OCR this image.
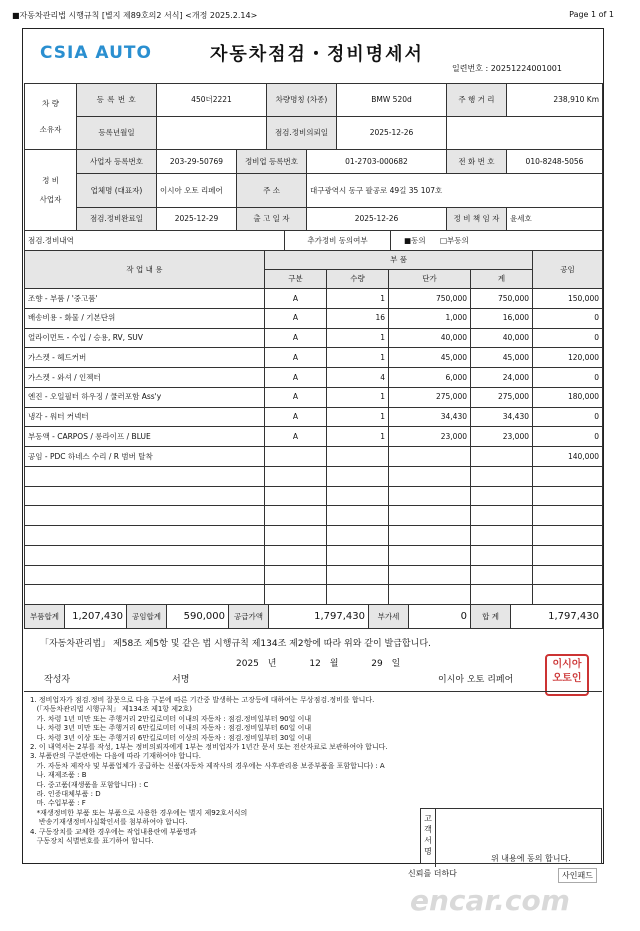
■자동차관리법 시행규칙 [별지 제89호의2 서식] <개정 2025.2.14>	Page 1 of 1
CSIA AUTO	자동차점검・정비명세서
일련번호 : 20251224001001
차 량
소유자	등 록 번 호	450더2221	차량명칭 (차종)	BMW 520d	주 행 거 리	238,910 Km
	등록년월일		점검.정비의뢰일	2025-12-26		
정 비
사업자	사업자 등록번호	203-29-50769	정비업 등록번호	01-2703-000682	전 화 번 호	010-8248-5056
	업체명 (대표자)	이시아 오토 리페어	주 소	대구광역시 동구 팔공로 49길 35 107호		
	점검.정비완료일	2025-12-29	출 고 일 자	2025-12-26	정 비 책 임 자	윤세호
점검.정비내역	추가정비 동의여부	■동의 □부동의
작 업 내 용	부 품				공임
	구분	수량	단가	계	
조향 - 부품 / '중고품'	A	1	750,000	750,000	150,000
배송비용 - 화물 / 기본단위	A	16	1,000	16,000	0
얼라이먼트 - 수입 / 승용, RV, SUV	A	1	40,000	40,000	0
가스켓 - 헤드커버	A	1	45,000	45,000	120,000
가스켓 - 와셔 / 인젝터	A	4	6,000	24,000	0
엔진 - 오일필터 하우징 / 쿨러포함 Ass'y	A	1	275,000	275,000	180,000
냉각 - 워터 커넥터	A	1	34,430	34,430	0
부동액 - CARPOS / 롱라이프 / BLUE	A	1	23,000	23,000	0
공임 - PDC 하네스 수리 / R 범버 탈착					140,000

부품합계	1,207,430	공임합계	590,000	공급가액	1,797,430	부가세	0	합 계	1,797,430
「자동차관리법」 제58조 제5항 및 같은 법 시행규칙 제134조 제2항에 따라 위와 같이 발급합니다.
2025 년	12 월	29 일
작성자	서명	이시아 오토 리페어
이시아 오토인
1. 정비업자가 점검.정비 잘못으로 다음 구분에 따른 기간중 발생하는 고장등에 대하여는 무상점검.정비를 합니다.
(「자동차관리법 시행규칙」 제134조 제1항 제2호)
가. 차령 1년 미만 또는 주행거리 2만킬로미터 이내의 자동차 : 점검.정비일부터 90일 이내
나. 차령 3년 미만 또는 주행거리 6만킬로미터 이내의 자동차 : 점검.정비일부터 60일 이내
다. 차령 3년 이상 또는 주행거리 6만킬로미터 이상의 자동차 : 점검.정비일부터 30일 이내
2. 이 내역서는 2부를 작성, 1부는 정비의뢰자에게 1부는 정비업자가 1년간 문서 또는 전산자료로 보관하여야 합니다.
3. 부품란의 구분란에는 다음에 따라 기재하여야 합니다.
가. 자동차 제작사 및 부품업체가 공급하는 신품(자동차 제작사의 경우에는 사후관리용 보증부품을 포함합니다) : A
나. 재제조품 : B
다. 중고품(재생품을 포함합니다) : C
라. 인증대체부품 : D
마. 수입부품 : F
*재생정비한 부품 또는 부품으로 사용한 경우에는 별지 제92호서식의
반송기재생정비사실확인서를 첨부하여야 합니다.
4. 구동장치를 교체한 경우에는 작업내용란에 부품명과
구동장치 식별번호를 표기하여 합니다.
고객서명
위 내용에 동의 합니다.
신뢰를 더하다	사인패드
encar.com
